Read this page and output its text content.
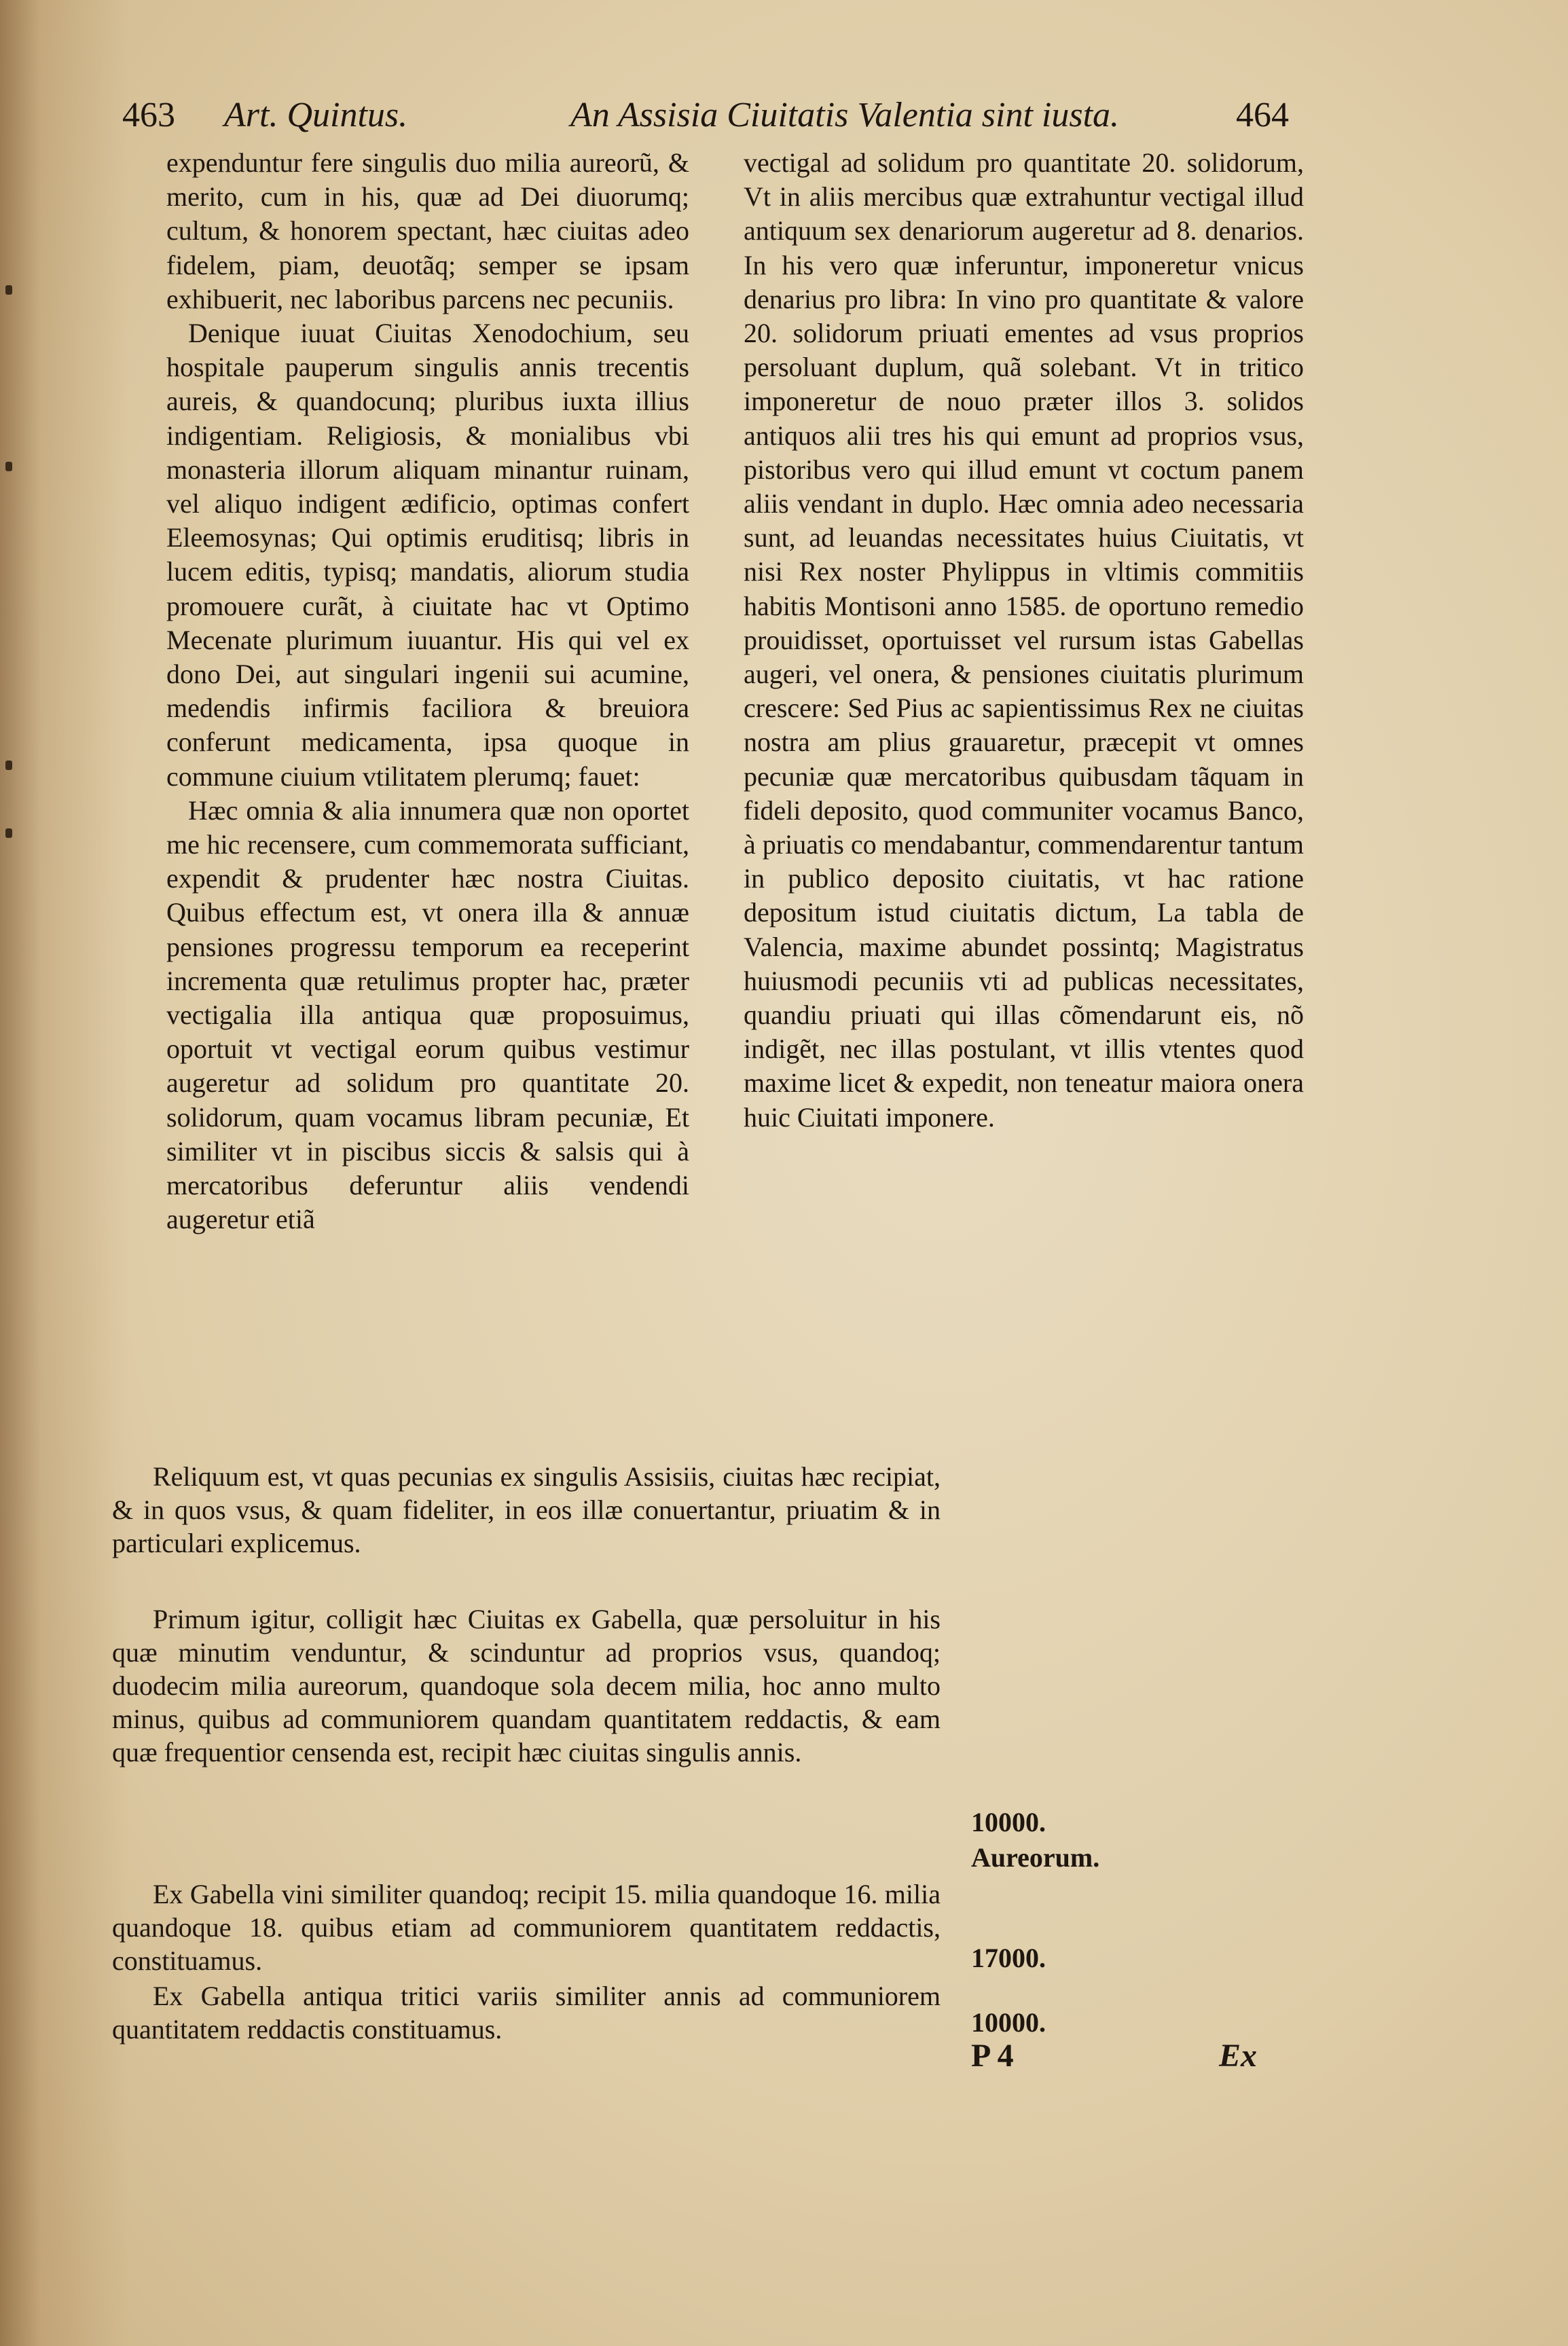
463 Art. Quintus.	An Assisia Ciuitatis Valentia sint iusta.	464

expenduntur fere singulis duo milia aureorũ, & merito, cum in his, quæ ad Dei diuorumq; cultum, & honorem spectant, hæc ciuitas adeo fidelem, piam, deuotãq; semper se ipsam exhibuerit, nec laboribus parcens nec pecuniis.

Denique iuuat Ciuitas Xenodochium, seu hospitale pauperum singulis annis trecentis aureis, & quandocunq; pluribus iuxta illius indigentiam. Religiosis, & monialibus vbi monasteria illorum aliquam minantur ruinam, vel aliquo indigent ædificio, optimas confert Eleemosynas; Qui optimis eruditisq; libris in lucem editis, typisq; mandatis, aliorum studia promouere curãt, à ciuitate hac vt Optimo Mecenate plurimum iuuantur. His qui vel ex dono Dei, aut singulari ingenii sui acumine, medendis infirmis faciliora & breuiora conferunt medicamenta, ipsa quoque in commune ciuium vtilitatem plerumq; fauet:

Hæc omnia & alia innumera quæ non oportet me hic recensere, cum commemorata sufficiant, expendit & prudenter hæc nostra Ciuitas. Quibus effectum est, vt onera illa & annuæ pensiones progressu temporum ea receperint incrementa quæ retulimus propter hac, præter vectigalia illa antiqua quæ proposuimus, oportuit vt vectigal eorum quibus vestimur augeretur ad solidum pro quantitate 20. solidorum, quam vocamus libram pecuniæ, Et similiter vt in piscibus siccis & salsis qui à mercatoribus deferuntur aliis vendendi augeretur etiã

vectigal ad solidum pro quantitate 20. solidorum, Vt in aliis mercibus quæ extrahuntur vectigal illud antiquum sex denariorum augeretur ad 8. denarios. In his vero quæ inferuntur, imponeretur vnicus denarius pro libra: In vino pro quantitate & valore 20. solidorum priuati ementes ad vsus proprios persoluant duplum, quã solebant. Vt in tritico imponeretur de nouo præter illos 3. solidos antiquos alii tres his qui emunt ad proprios vsus, pistoribus vero qui illud emunt vt coctum panem aliis vendant in duplo. Hæc omnia adeo necessaria sunt, ad leuandas necessitates huius Ciuitatis, vt nisi Rex noster Phylippus in vltimis commitiis habitis Montisoni anno 1585. de oportuno remedio prouidisset, oportuisset vel rursum istas Gabellas augeri, vel onera, & pensiones ciuitatis plurimum crescere: Sed Pius ac sapientissimus Rex ne ciuitas nostra am plius grauaretur, præcepit vt omnes pecuniæ quæ mercatoribus quibusdam tãquam in fideli deposito, quod communiter vocamus Banco, à priuatis co mendabantur, commendarentur tantum in publico deposito ciuitatis, vt hac ratione depositum istud ciuitatis dictum, La tabla de Valencia, maxime abundet possintq; Magistratus huiusmodi pecuniis vti ad publicas necessitates, quandiu priuati qui illas cõmendarunt eis, nõ indigẽt, nec illas postulant, vt illis vtentes quod maxime licet & expedit, non teneatur maiora onera huic Ciuitati imponere.

Reliquum est, vt quas pecunias ex singulis Assisiis, ciuitas hæc recipiat, & in quos vsus, & quam fideliter, in eos illæ conuertantur, priuatim & in particulari explicemus.

Primum igitur, colligit hæc Ciuitas ex Gabella, quæ persoluitur in his quæ minutim venduntur, & scinduntur ad proprios vsus, quandoq; duodecim milia aureorum, quandoque sola decem milia, hoc anno multo minus, quibus ad communiorem quandam quantitatem reddactis, & eam quæ frequentior censenda est, recipit hæc ciuitas singulis annis.

10000.
Aureorum.

Ex Gabella vini similiter quandoq; recipit 15. milia quandoque 16. milia quandoque 18. quibus etiam ad communiorem quantitatem reddactis, constituamus.	17000.

Ex Gabella antiqua tritici variis similiter annis ad communiorem quantitatem reddactis constituamus.	10000.
P 4	Ex
